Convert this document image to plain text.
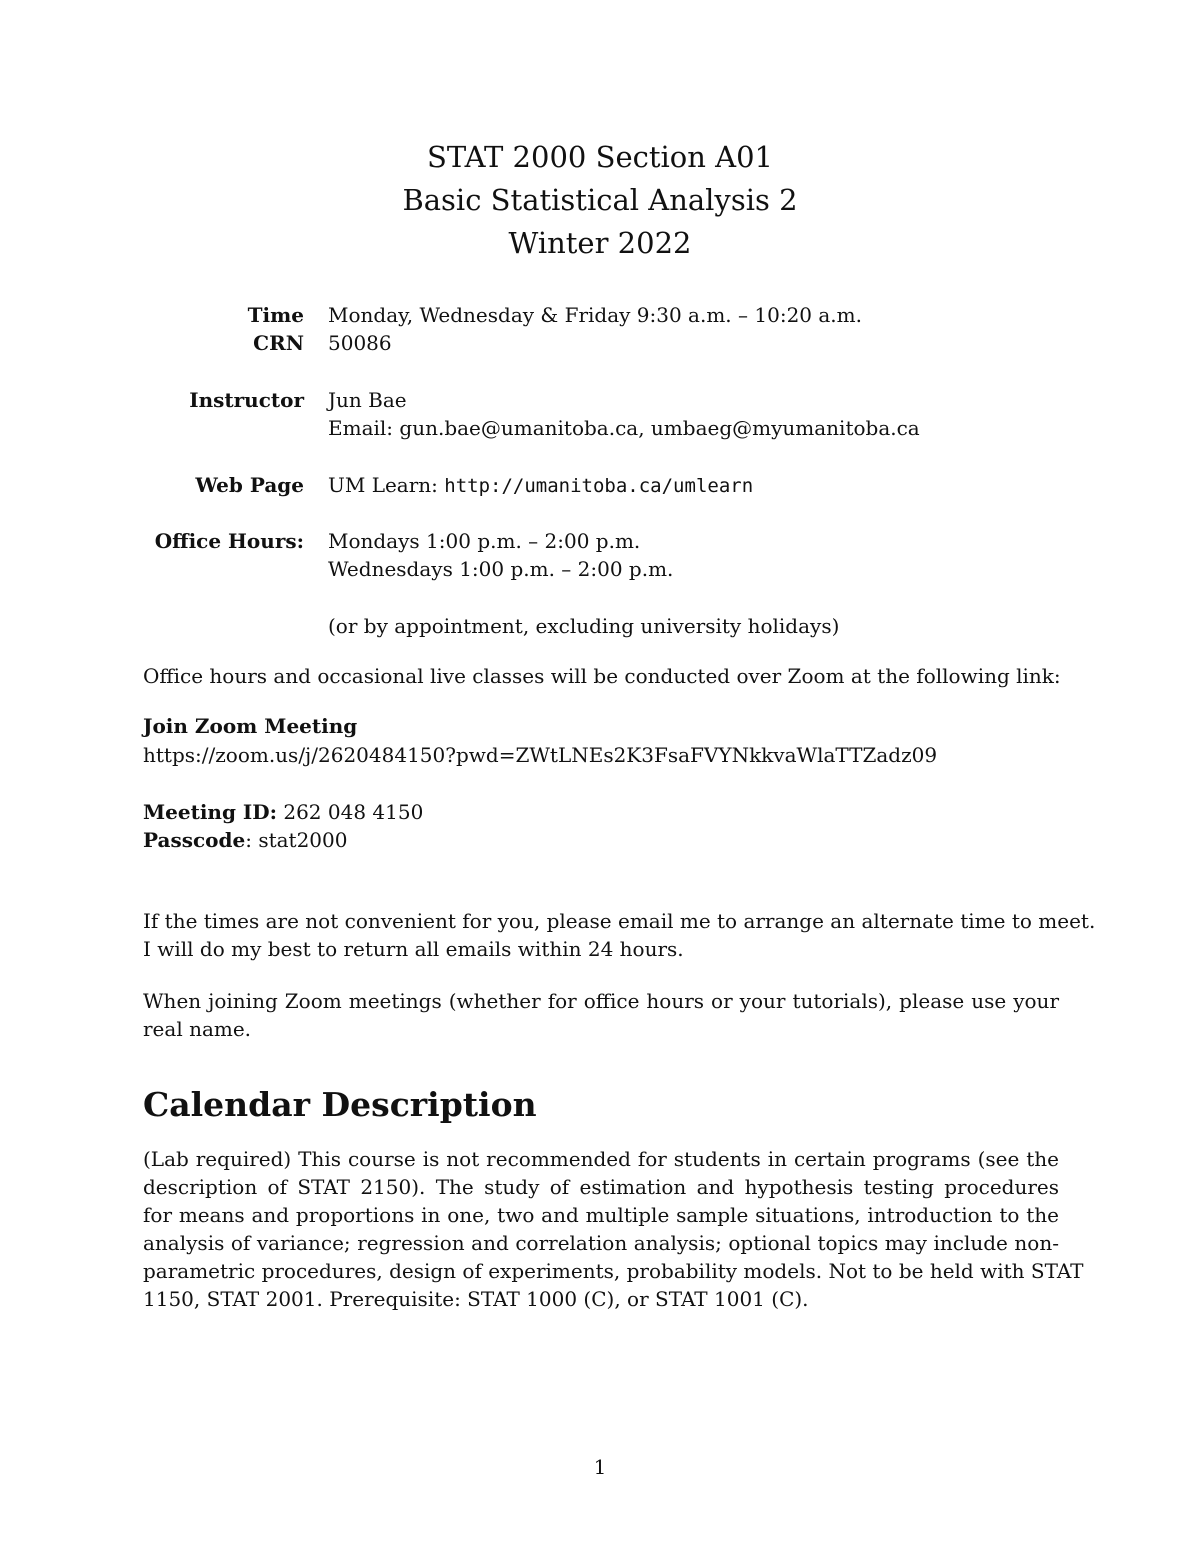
STAT 2000 Section A01
Basic Statistical Analysis 2
Winter 2022
Time Monday, Wednesday & Friday 9:30 a.m. – 10:20 a.m.
CRN 50086
Instructor Jun Bae
Email: gun.bae@umanitoba.ca, umbaeg@myumanitoba.ca
Web Page UM Learn: http://umanitoba.ca/umlearn
Office Hours: Mondays 1:00 p.m. – 2:00 p.m.
Wednesdays 1:00 p.m. – 2:00 p.m.
(or by appointment, excluding university holidays)
Office hours and occasional live classes will be conducted over Zoom at the following link:
Join Zoom Meeting
https://zoom.us/j/2620484150?pwd=ZWtLNEs2K3FsaFVYNkkvaWlaTTZadz09
Meeting ID: 262 048 4150
Passcode: stat2000
If the times are not convenient for you, please email me to arrange an alternate time to meet.
I will do my best to return all emails within 24 hours.
When joining Zoom meetings (whether for office hours or your tutorials), please use your
real name.
Calendar Description
(Lab required) This course is not recommended for students in certain programs (see the
description of STAT 2150). The study of estimation and hypothesis testing procedures
for means and proportions in one, two and multiple sample situations, introduction to the
analysis of variance; regression and correlation analysis; optional topics may include non-
parametric procedures, design of experiments, probability models. Not to be held with STAT
1150, STAT 2001. Prerequisite: STAT 1000 (C), or STAT 1001 (C).
1
